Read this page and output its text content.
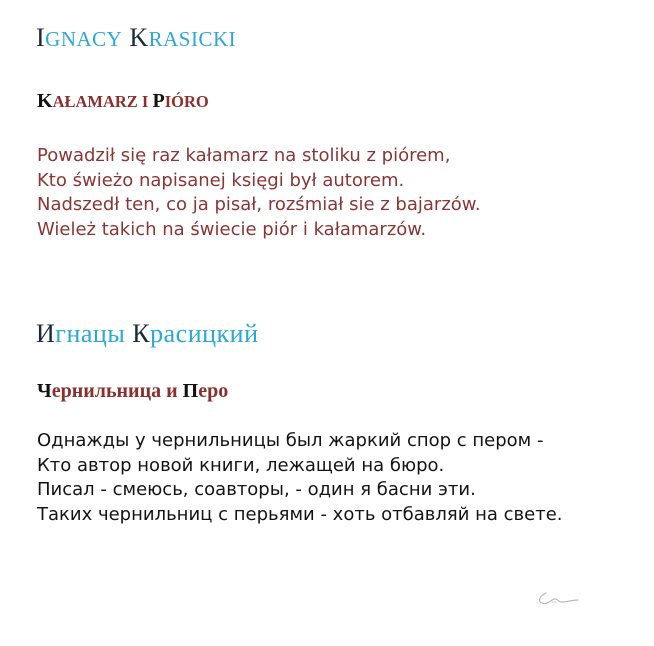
IGNACY KRASICKI
KAŁAMARZ I PIÓRO
Powadził się raz kałamarz na stoliku z piórem,
Kto świeżo napisanej księgi był autorem.
Nadszedł ten, co ja pisał, rozśmiał sie z bajarzów.
Wieleż takich na świecie piór i kałamarzów.
Игнацы Красицкий
Чернильница и Перо
Однажды у чернильницы был жаркий спор с пером -
Кто автор новой книги, лежащей на бюро.
Писал - смеюсь, соавторы, - один я басни эти.
Таких чернильниц с перьями - хоть отбавляй на свете.
